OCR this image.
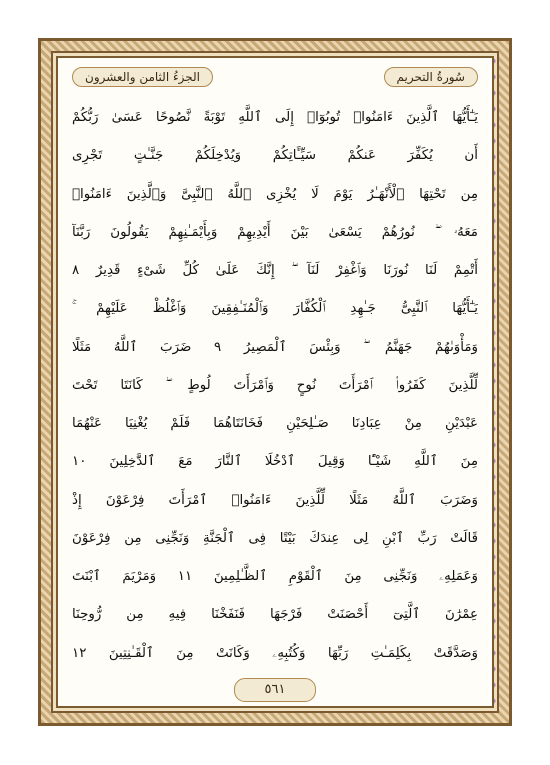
الجزءُ الثامن والعشرون	سُورةُ التحريم
يَـٰٓأَيُّهَا ٱلَّذِينَ ءَامَنُوا۟ تُوبُوٓا۟ إِلَى ٱللَّهِ تَوْبَةً نَّصُوحًا عَسَىٰ رَبُّكُمْ
أَن يُكَفِّرَ عَنكُمْ سَيِّـَٔاتِكُمْ وَيُدْخِلَكُمْ جَنَّـٰتٍ تَجْرِى
مِن تَحْتِهَا ٱلْأَنْهَـٰرُ يَوْمَ لَا يُخْزِى ٱللَّهُ ٱلنَّبِىَّ وَٱلَّذِينَ ءَامَنُوا۟
مَعَهُۥ ۖ نُورُهُمْ يَسْعَىٰ بَيْنَ أَيْدِيهِمْ وَبِأَيْمَـٰنِهِمْ يَقُولُونَ رَبَّنَآ
أَتْمِمْ لَنَا نُورَنَا وَٱغْفِرْ لَنَآ ۖ إِنَّكَ عَلَىٰ كُلِّ شَىْءٍ قَدِيرٌ ٨
يَـٰٓأَيُّهَا ٱلنَّبِىُّ جَـٰهِدِ ٱلْكُفَّارَ وَٱلْمُنَـٰفِقِينَ وَٱغْلُظْ عَلَيْهِمْ ۚ
وَمَأْوَىٰهُمْ جَهَنَّمُ ۖ وَبِئْسَ ٱلْمَصِيرُ ٩ ضَرَبَ ٱللَّهُ مَثَلًا
لِّلَّذِينَ كَفَرُوا۟ ٱمْرَأَتَ نُوحٍ وَٱمْرَأَتَ لُوطٍ ۖ كَانَتَا تَحْتَ
عَبْدَيْنِ مِنْ عِبَادِنَا صَـٰلِحَيْنِ فَخَانَتَاهُمَا فَلَمْ يُغْنِيَا عَنْهُمَا
مِنَ ٱللَّهِ شَيْـًٔا وَقِيلَ ٱدْخُلَا ٱلنَّارَ مَعَ ٱلدَّٰخِلِينَ ١٠
وَضَرَبَ ٱللَّهُ مَثَلًا لِّلَّذِينَ ءَامَنُوا۟ ٱمْرَأَتَ فِرْعَوْنَ إِذْ
قَالَتْ رَبِّ ٱبْنِ لِى عِندَكَ بَيْتًا فِى ٱلْجَنَّةِ وَنَجِّنِى مِن فِرْعَوْنَ
وَعَمَلِهِۦ وَنَجِّنِى مِنَ ٱلْقَوْمِ ٱلظَّـٰلِمِينَ ١١ وَمَرْيَمَ ٱبْنَتَ
عِمْرَٰنَ ٱلَّتِىٓ أَحْصَنَتْ فَرْجَهَا فَنَفَخْنَا فِيهِ مِن رُّوحِنَا
وَصَدَّقَتْ بِكَلِمَـٰتِ رَبِّهَا وَكُتُبِهِۦ وَكَانَتْ مِنَ ٱلْقَـٰنِتِينَ ١٢
٥٦١
